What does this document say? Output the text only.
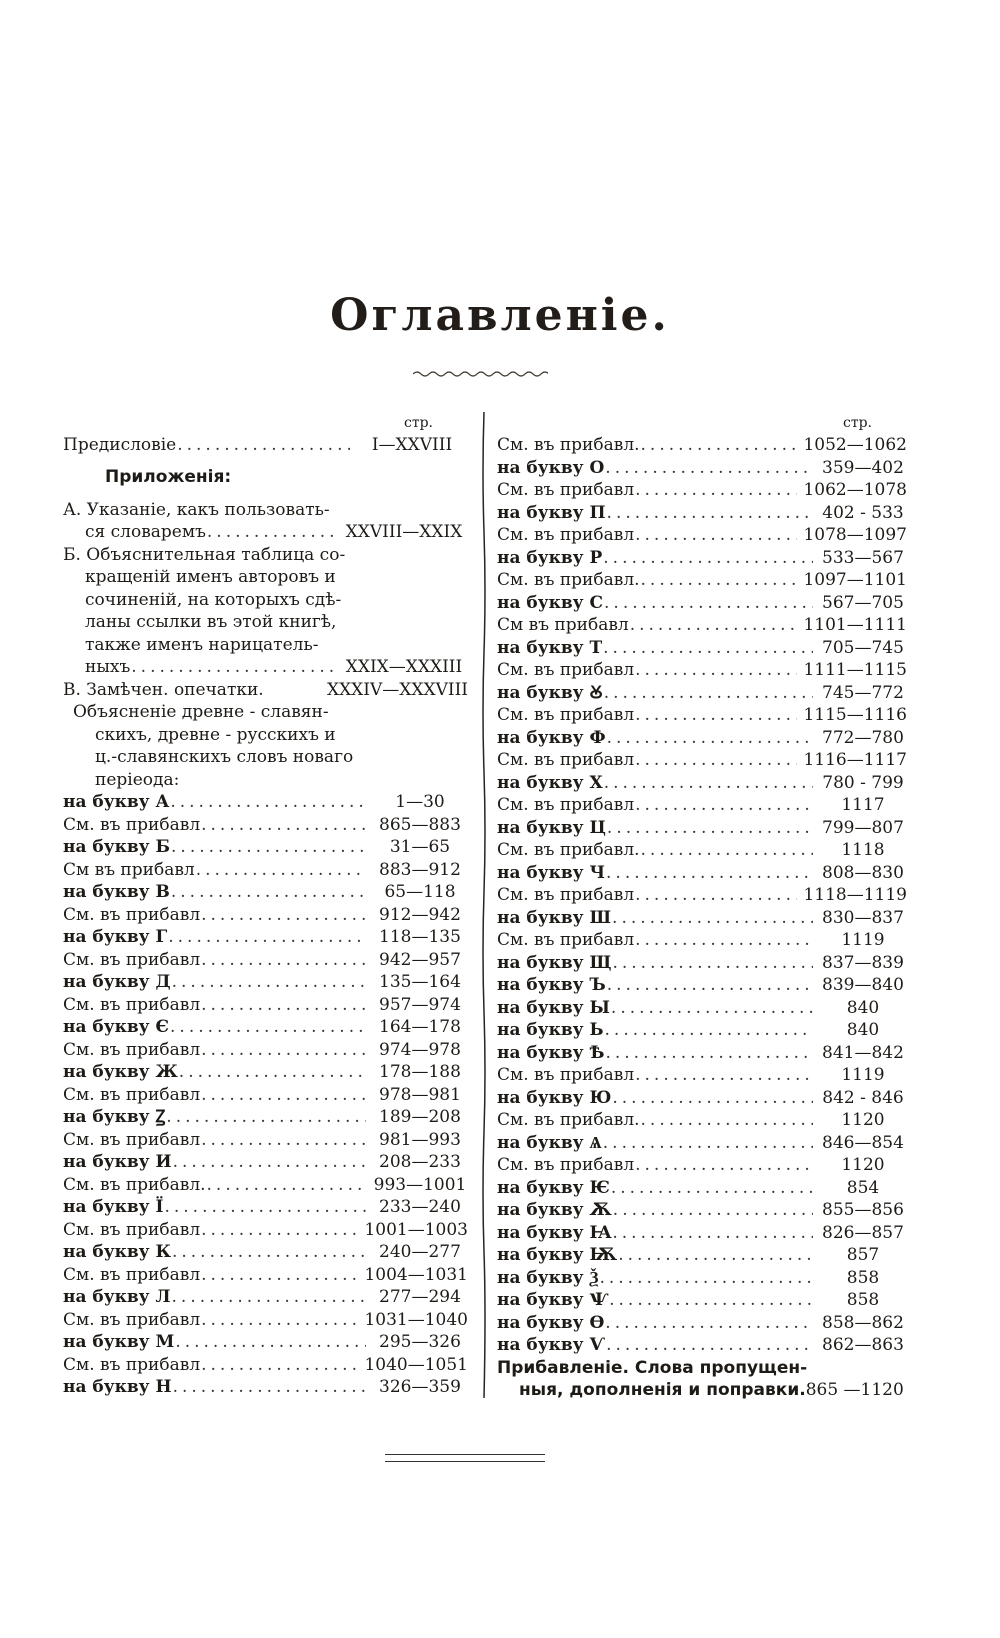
Оглавленіе.
стр.
Предисловіе .....	I—XXVIII
Приложенія:
А. Указаніе, какъ пользовать-
ся словаремъ .....	XXVIII—XXIX
Б. Объяснительная таблица со-
кращеній именъ авторовъ и
сочиненій, на которыхъ сдѣ-
ланы ссылки въ этой книгѣ,
также именъ нарицатель-
ныхъ .....	XXIX—XXXIII
В. Замѣчен. опечатки.	XXXIV—XXXVIII
Объясненіе древне - славян-
скихъ, древне - русскихъ и
ц.-славянскихъ словъ новаго
періеода:
на букву А .....	1—30
См. въ прибавл .....	865—883
на букву Б .....	31—65
См въ прибавл .....	883—912
на букву В .....	65—118
См. въ прибавл .....	912—942
на букву Г .....	118—135
См. въ прибавл .....	942—957
на букву Д .....	135—164
См. въ прибавл .....	957—974
на букву Є .....	164—178
См. въ прибавл .....	974—978
на букву Ж .....	178—188
См. въ прибавл .....	978—981
на букву Ꙁ .....	189—208
См. въ прибавл .....	981—993
на букву И .....	208—233
См. въ прибавл. .....	993—1001
на букву Ї .....	233—240
См. въ прибавл .....	1001—1003
на букву К .....	240—277
См. въ прибавл .....	1004—1031
на букву Л .....	277—294
См. въ прибавл .....	1031—1040
на букву М .....	295—326
См. въ прибавл .....	1040—1051
на букву Н .....	326—359
стр.
См. въ прибавл. .....	1052—1062
на букву О .....	359—402
См. въ прибавл .....	1062—1078
на букву П .....	402 - 533
См. въ прибавл .....	1078—1097
на букву Р .....	533—567
См. въ прибавл. .....	1097—1101
на букву С .....	567—705
См въ прибавл .....	1101—1111
на букву Т .....	705—745
См. въ прибавл .....	1111—1115
на букву Ꙋ .....	745—772
См. въ прибавл .....	1115—1116
на букву Ф .....	772—780
См. въ прибавл .....	1116—1117
на букву Х .....	780 - 799
См. въ прибавл .....	1117
на букву Ц .....	799—807
См. въ прибавл. .....	1118
на букву Ч .....	808—830
См. въ прибавл .....	1118—1119
на букву Ш .....	830—837
См. въ прибавл .....	1119
на букву Щ .....	837—839
на букву Ъ .....	839—840
на букву Ы .....	840
на букву Ь .....	840
на букву Ѣ .....	841—842
См. въ прибавл .....	1119
на букву Ю .....	842 - 846
См. въ прибавл. .....	1120
на букву Ѧ .....	846—854
См. въ прибавл .....	1120
на букву Ѥ .....	854
на букву Ѫ .....	855—856
на букву Ꙗ .....	826—857
на букву Ѭ .....	857
на букву Ѯ .....	858
на букву Ѱ .....	858
на букву Ѳ .....	858—862
на букву Ѵ .....	862—863
Прибавленіе. Слова пропущен-
ныя, дополненія и поправки. 865 —1120
